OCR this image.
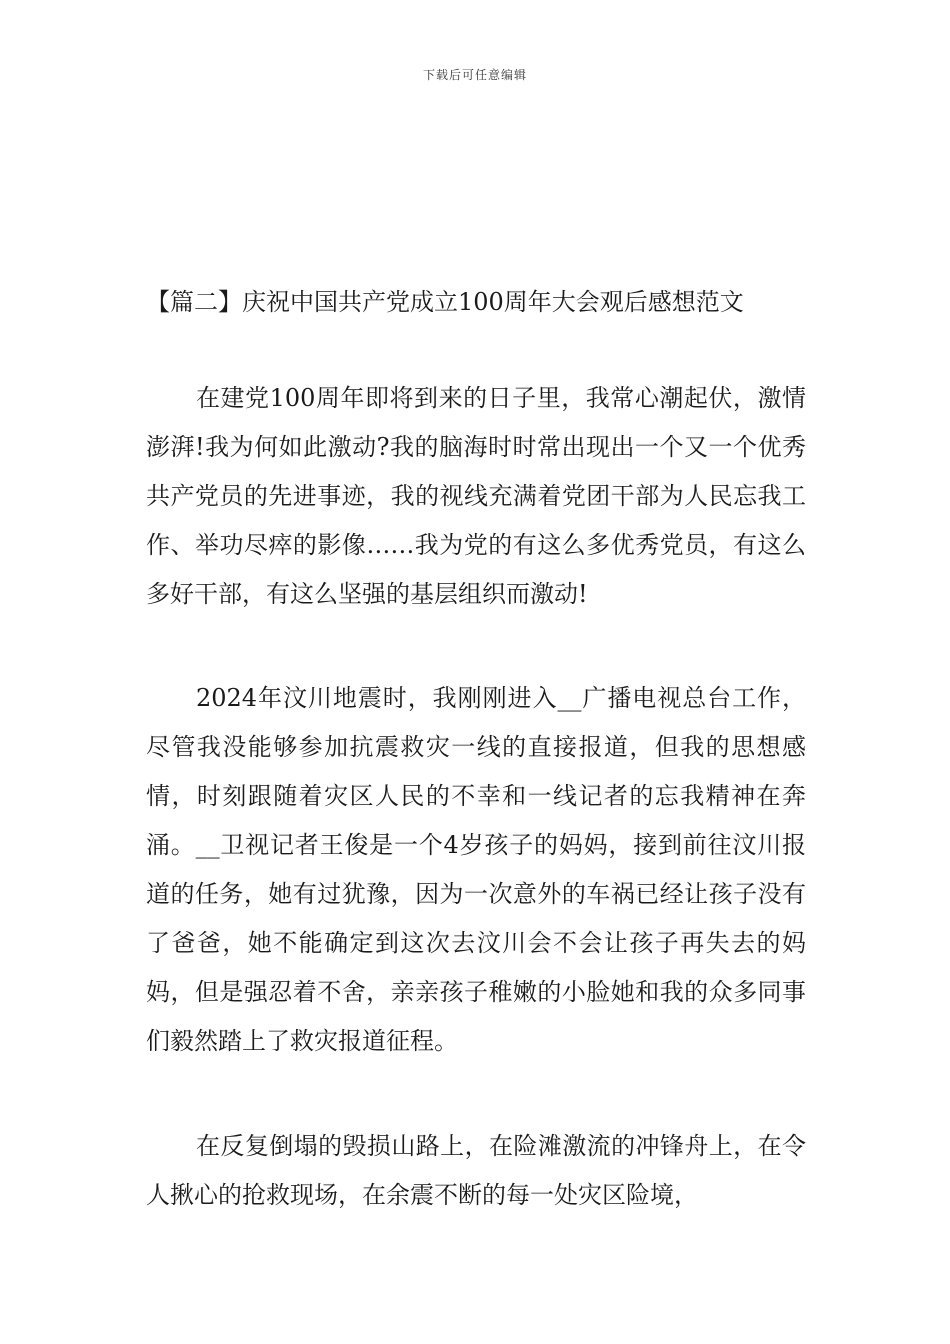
下载后可任意编辑
【篇二】庆祝中国共产党成立100周年大会观后感想范文

在建党100周年即将到来的日子里，我常心潮起伏，激情澎湃!我为何如此激动?我的脑海时时常出现出一个又一个优秀共产党员的先进事迹，我的视线充满着党团干部为人民忘我工作、举功尽瘁的影像……我为党的有这么多优秀党员，有这么多好干部，有这么坚强的基层组织而激动!

2024年汶川地震时，我刚刚进入__广播电视总台工作，尽管我没能够参加抗震救灾一线的直接报道，但我的思想感情，时刻跟随着灾区人民的不幸和一线记者的忘我精神在奔涌。__卫视记者王俊是一个4岁孩子的妈妈，接到前往汶川报道的任务，她有过犹豫，因为一次意外的车祸已经让孩子没有了爸爸，她不能确定到这次去汶川会不会让孩子再失去的妈妈，但是强忍着不舍，亲亲孩子稚嫩的小脸她和我的众多同事们毅然踏上了救灾报道征程。

在反复倒塌的毁损山路上，在险滩激流的冲锋舟上，在令人揪心的抢救现场，在余震不断的每一处灾区险境，
